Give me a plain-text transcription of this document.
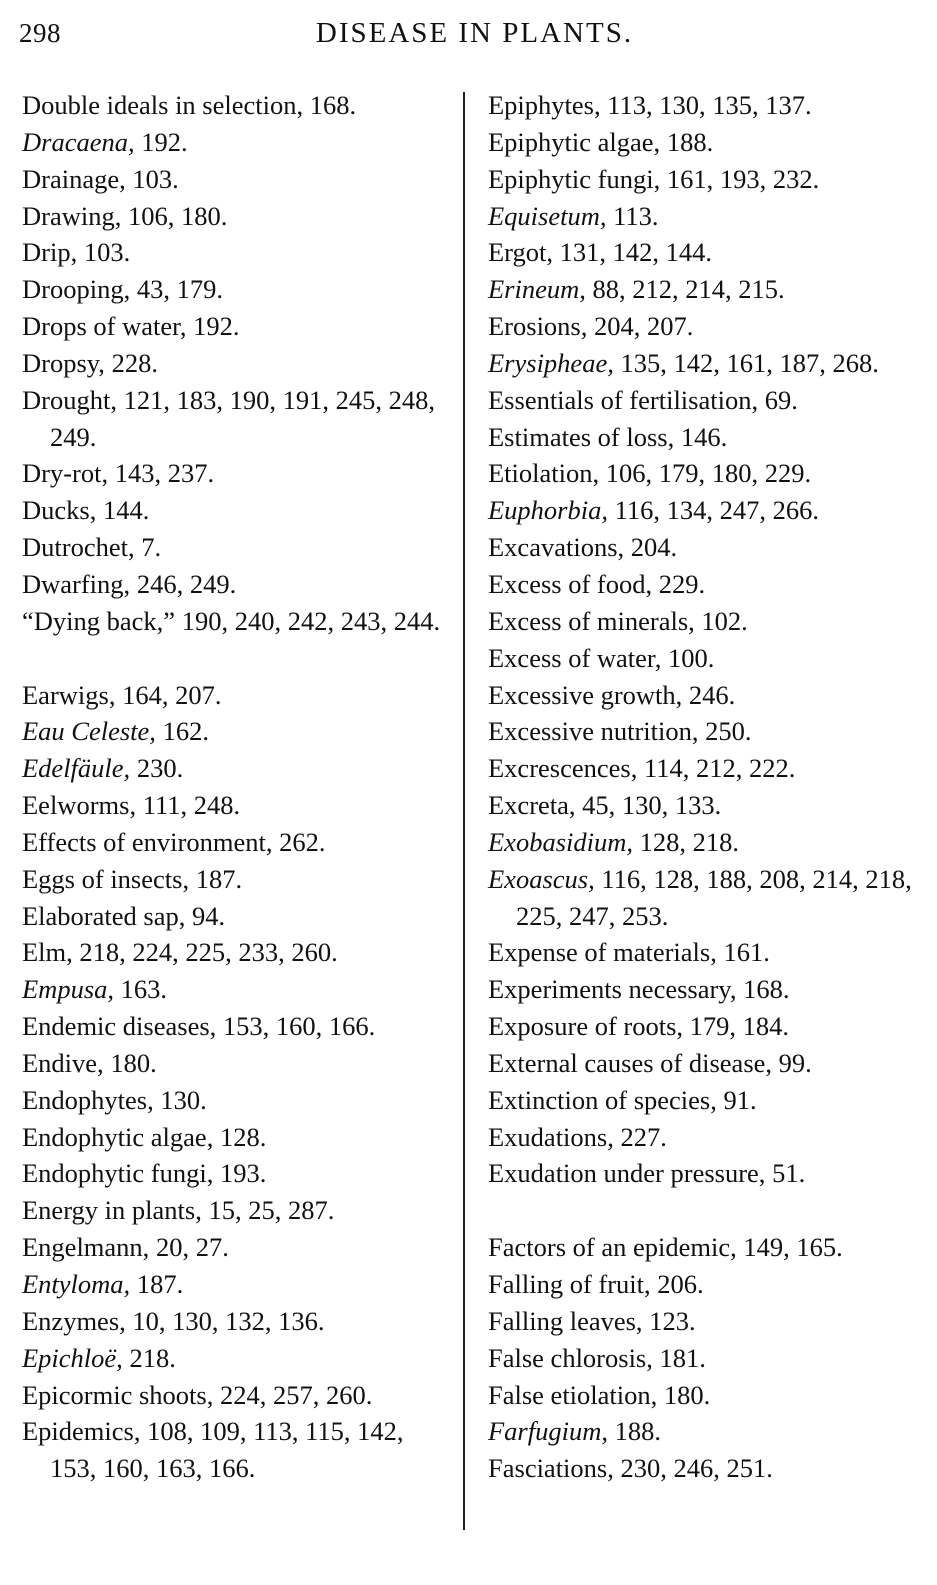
298	DISEASE IN PLANTS.
Double ideals in selection, 168.
Dracaena, 192.
Drainage, 103.
Drawing, 106, 180.
Drip, 103.
Drooping, 43, 179.
Drops of water, 192.
Dropsy, 228.
Drought, 121, 183, 190, 191, 245, 248, 249.
Dry-rot, 143, 237.
Ducks, 144.
Dutrochet, 7.
Dwarfing, 246, 249.
“Dying back,” 190, 240, 242, 243, 244.
Earwigs, 164, 207.
Eau Celeste, 162.
Edelfäule, 230.
Eelworms, 111, 248.
Effects of environment, 262.
Eggs of insects, 187.
Elaborated sap, 94.
Elm, 218, 224, 225, 233, 260.
Empusa, 163.
Endemic diseases, 153, 160, 166.
Endive, 180.
Endophytes, 130.
Endophytic algae, 128.
Endophytic fungi, 193.
Energy in plants, 15, 25, 287.
Engelmann, 20, 27.
Entyloma, 187.
Enzymes, 10, 130, 132, 136.
Epichloë, 218.
Epicormic shoots, 224, 257, 260.
Epidemics, 108, 109, 113, 115, 142, 153, 160, 163, 166.
Epiphytes, 113, 130, 135, 137.
Epiphytic algae, 188.
Epiphytic fungi, 161, 193, 232.
Equisetum, 113.
Ergot, 131, 142, 144.
Erineum, 88, 212, 214, 215.
Erosions, 204, 207.
Erysipheae, 135, 142, 161, 187, 268.
Essentials of fertilisation, 69.
Estimates of loss, 146.
Etiolation, 106, 179, 180, 229.
Euphorbia, 116, 134, 247, 266.
Excavations, 204.
Excess of food, 229.
Excess of minerals, 102.
Excess of water, 100.
Excessive growth, 246.
Excessive nutrition, 250.
Excrescences, 114, 212, 222.
Excreta, 45, 130, 133.
Exobasidium, 128, 218.
Exoascus, 116, 128, 188, 208, 214, 218, 225, 247, 253.
Expense of materials, 161.
Experiments necessary, 168.
Exposure of roots, 179, 184.
External causes of disease, 99.
Extinction of species, 91.
Exudations, 227.
Exudation under pressure, 51.
Factors of an epidemic, 149, 165.
Falling of fruit, 206.
Falling leaves, 123.
False chlorosis, 181.
False etiolation, 180.
Farfugium, 188.
Fasciations, 230, 246, 251.
